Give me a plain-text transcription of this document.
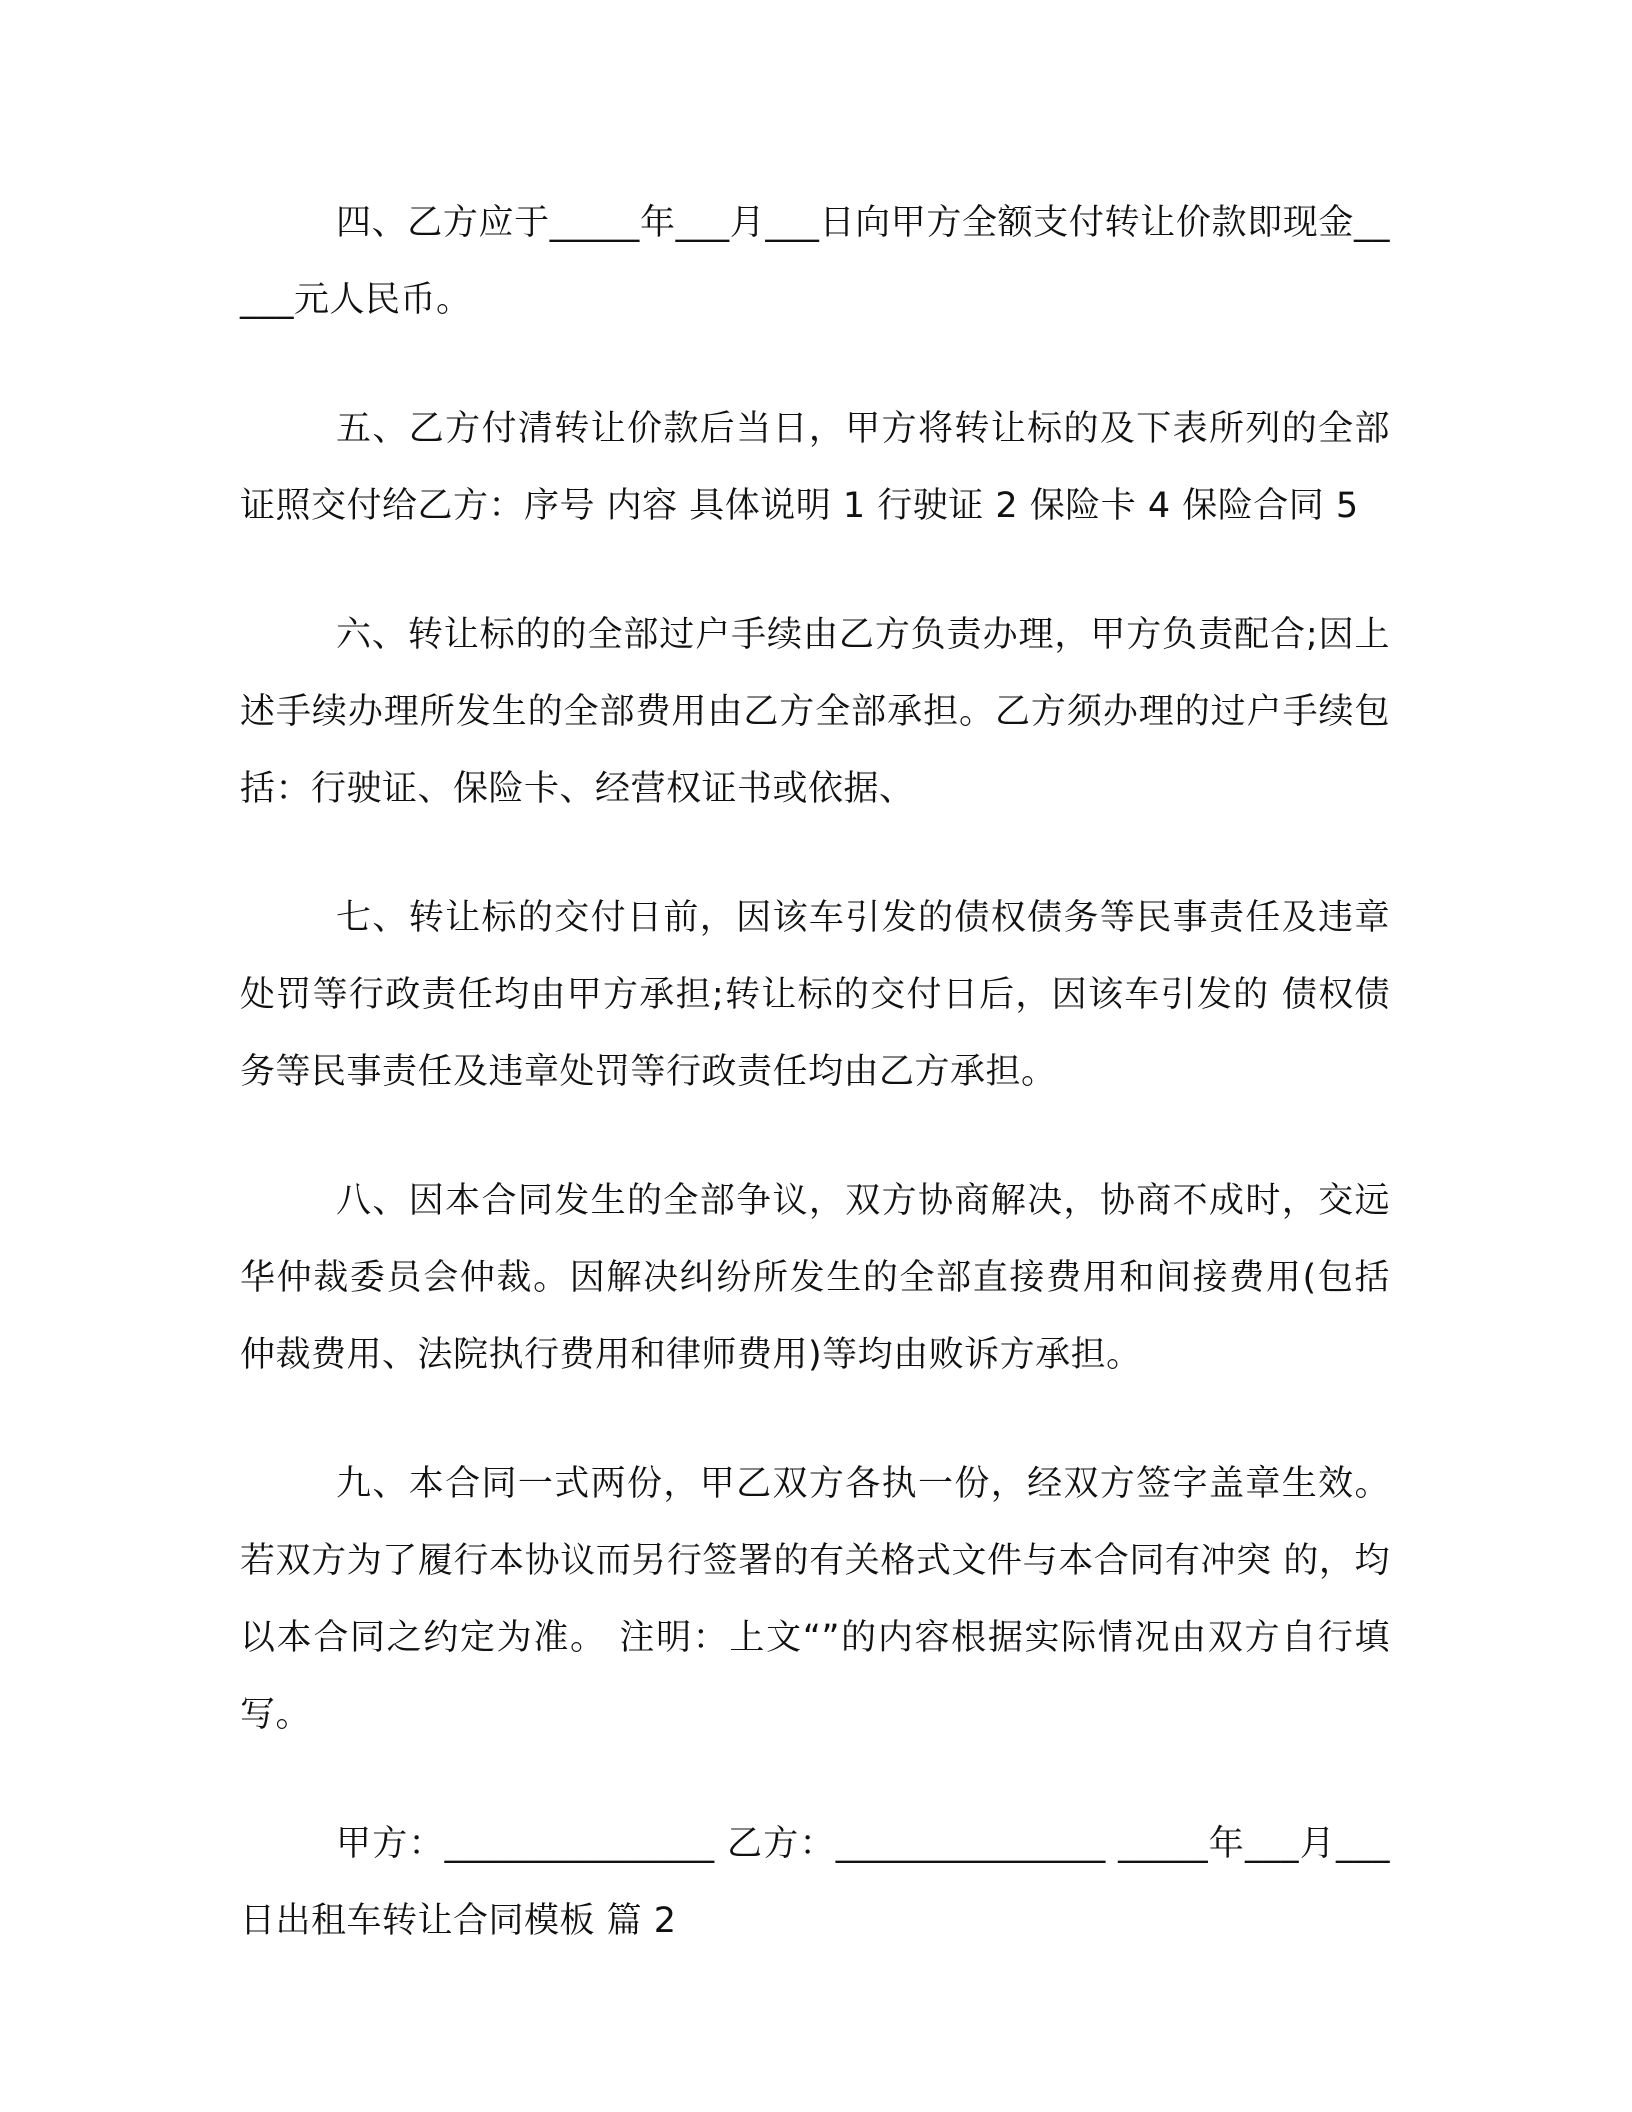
四、乙方应于_____年___月___日向甲方全额支付转让价款即现金_____元人民币。

五、乙方付清转让价款后当日，甲方将转让标的及下表所列的全部证照交付给乙方：序号 内容 具体说明 1 行驶证 2 保险卡 4 保险合同 5

六、转让标的的全部过户手续由乙方负责办理，甲方负责配合;因上述手续办理所发生的全部费用由乙方全部承担。乙方须办理的过户手续包括：行驶证、保险卡、经营权证书或依据、

七、转让标的交付日前，因该车引发的债权债务等民事责任及违章处罚等行政责任均由甲方承担;转让标的交付日后，因该车引发的 债权债务等民事责任及违章处罚等行政责任均由乙方承担。

八、因本合同发生的全部争议，双方协商解决，协商不成时，交远华仲裁委员会仲裁。因解决纠纷所发生的全部直接费用和间接费用(包括仲裁费用、法院执行费用和律师费用)等均由败诉方承担。

九、本合同一式两份，甲乙双方各执一份，经双方签字盖章生效。若双方为了履行本协议而另行签署的有关格式文件与本合同有冲突 的，均以本合同之约定为准。 注明：上文“”的内容根据实际情况由双方自行填写。

甲方：_______________ 乙方：_______________ _____年___月___日出租车转让合同模板 篇 2
